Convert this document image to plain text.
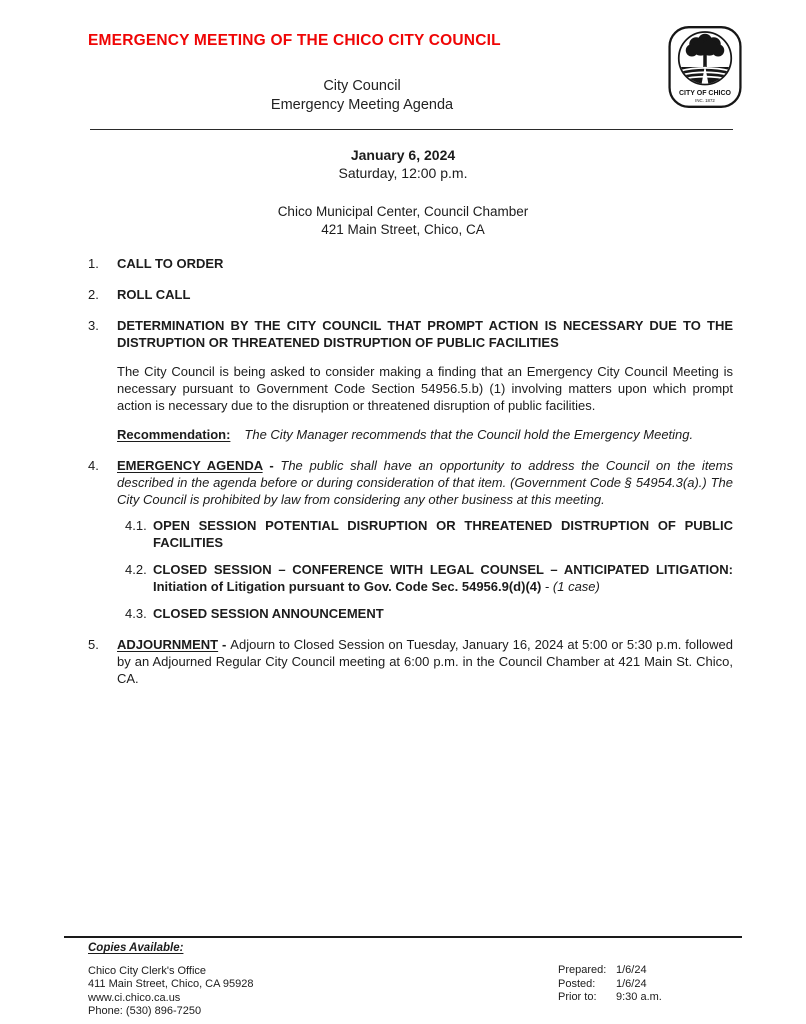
EMERGENCY MEETING OF THE CHICO CITY COUNCIL
CITY OF CHICO
INC. 1872
City Council
Emergency Meeting Agenda
January 6, 2024
Saturday, 12:00 p.m.
Chico Municipal Center, Council Chamber
421 Main Street, Chico, CA
1.	CALL TO ORDER
2.	ROLL CALL
3.	DETERMINATION BY THE CITY COUNCIL THAT PROMPT ACTION IS NECESSARY DUE TO THE DISTRUPTION OR THREATENED DISTRUPTION OF PUBLIC FACILITIES

The City Council is being asked to consider making a finding that an Emergency City Council Meeting is necessary pursuant to Government Code Section 54956.5.b) (1) involving matters upon which prompt action is necessary due to the disruption or threatened disruption of public facilities.

Recommendation: The City Manager recommends that the Council hold the Emergency Meeting.

4.	EMERGENCY AGENDA - The public shall have an opportunity to address the Council on the items described in the agenda before or during consideration of that item. (Government Code § 54954.3(a).) The City Council is prohibited by law from considering any other business at this meeting.
4.1. OPEN SESSION POTENTIAL DISRUPTION OR THREATENED DISTRUPTION OF PUBLIC FACILITIES
4.2. CLOSED SESSION – CONFERENCE WITH LEGAL COUNSEL – ANTICIPATED LITIGATION: Initiation of Litigation pursuant to Gov. Code Sec. 54956.9(d)(4) - (1 case)
4.3. CLOSED SESSION ANNOUNCEMENT
5.	ADJOURNMENT - Adjourn to Closed Session on Tuesday, January 16, 2024 at 5:00 or 5:30 p.m. followed by an Adjourned Regular City Council meeting at 6:00 p.m. in the Council Chamber at 421 Main St. Chico, CA.
Copies Available:
Chico City Clerk's Office
411 Main Street, Chico, CA 95928
www.ci.chico.ca.us
Phone: (530) 896-7250
Prepared: 1/6/24
Posted:	1/6/24
Prior to:	9:30 a.m.
